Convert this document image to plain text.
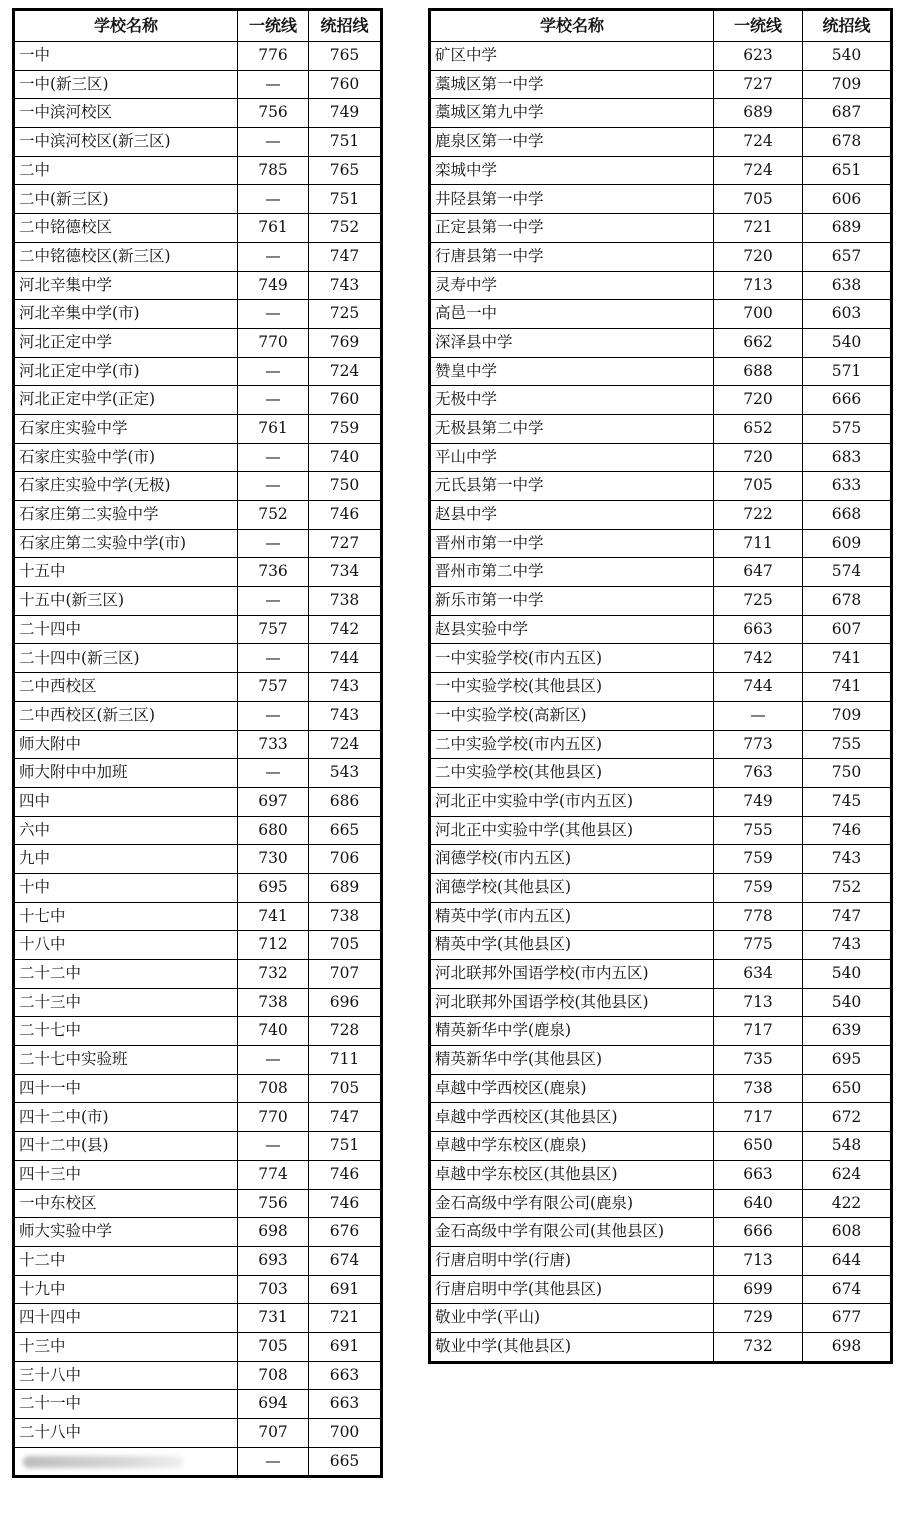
学校名称	一统线	统招线
一中	776	765
一中(新三区)	—	760
一中滨河校区	756	749
一中滨河校区(新三区)	—	751
二中	785	765
二中(新三区)	—	751
二中铭德校区	761	752
二中铭德校区(新三区)	—	747
河北辛集中学	749	743
河北辛集中学(市)	—	725
河北正定中学	770	769
河北正定中学(市)	—	724
河北正定中学(正定)	—	760
石家庄实验中学	761	759
石家庄实验中学(市)	—	740
石家庄实验中学(无极)	—	750
石家庄第二实验中学	752	746
石家庄第二实验中学(市)	—	727
十五中	736	734
十五中(新三区)	—	738
二十四中	757	742
二十四中(新三区)	—	744
二中西校区	757	743
二中西校区(新三区)	—	743
师大附中	733	724
师大附中中加班	—	543
四中	697	686
六中	680	665
九中	730	706
十中	695	689
十七中	741	738
十八中	712	705
二十二中	732	707
二十三中	738	696
二十七中	740	728
二十七中实验班	—	711
四十一中	708	705
四十二中(市)	770	747
四十二中(县)	—	751
四十三中	774	746
一中东校区	756	746
师大实验中学	698	676
十二中	693	674
十九中	703	691
四十四中	731	721
十三中	705	691
三十八中	708	663
二十一中	694	663
二十八中	707	700
	—	665
学校名称	一统线	统招线
矿区中学	623	540
藁城区第一中学	727	709
藁城区第九中学	689	687
鹿泉区第一中学	724	678
栾城中学	724	651
井陉县第一中学	705	606
正定县第一中学	721	689
行唐县第一中学	720	657
灵寿中学	713	638
高邑一中	700	603
深泽县中学	662	540
赞皇中学	688	571
无极中学	720	666
无极县第二中学	652	575
平山中学	720	683
元氏县第一中学	705	633
赵县中学	722	668
晋州市第一中学	711	609
晋州市第二中学	647	574
新乐市第一中学	725	678
赵县实验中学	663	607
一中实验学校(市内五区)	742	741
一中实验学校(其他县区)	744	741
一中实验学校(高新区)	—	709
二中实验学校(市内五区)	773	755
二中实验学校(其他县区)	763	750
河北正中实验中学(市内五区)	749	745
河北正中实验中学(其他县区)	755	746
润德学校(市内五区)	759	743
润德学校(其他县区)	759	752
精英中学(市内五区)	778	747
精英中学(其他县区)	775	743
河北联邦外国语学校(市内五区)	634	540
河北联邦外国语学校(其他县区)	713	540
精英新华中学(鹿泉)	717	639
精英新华中学(其他县区)	735	695
卓越中学西校区(鹿泉)	738	650
卓越中学西校区(其他县区)	717	672
卓越中学东校区(鹿泉)	650	548
卓越中学东校区(其他县区)	663	624
金石高级中学有限公司(鹿泉)	640	422
金石高级中学有限公司(其他县区)	666	608
行唐启明中学(行唐)	713	644
行唐启明中学(其他县区)	699	674
敬业中学(平山)	729	677
敬业中学(其他县区)	732	698
